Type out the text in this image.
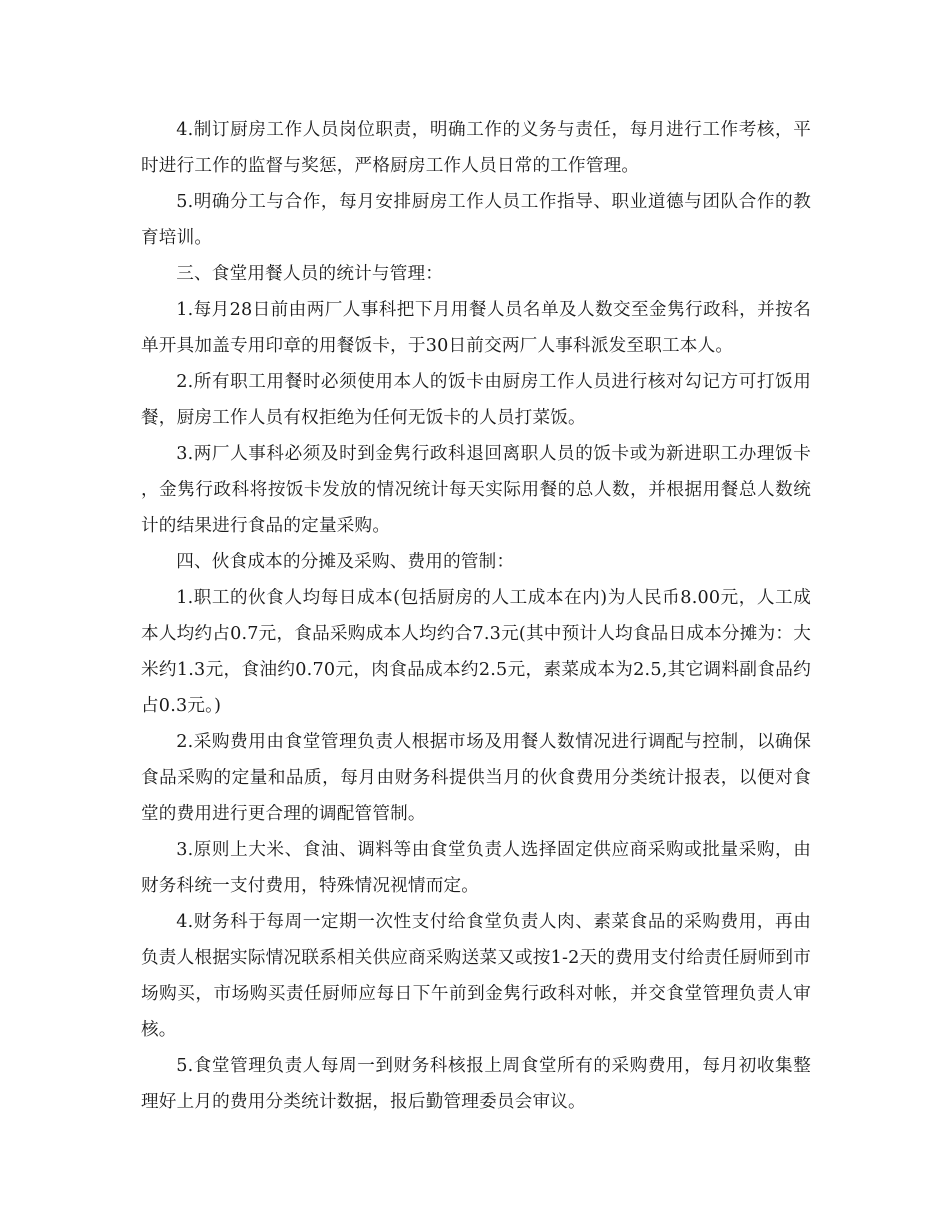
4.制订厨房工作人员岗位职责，明确工作的义务与责任，每月进行工作考核，平时进行工作的监督与奖惩，严格厨房工作人员日常的工作管理。

5.明确分工与合作，每月安排厨房工作人员工作指导、职业道德与团队合作的教育培训。

三、食堂用餐人员的统计与管理：

1.每月28日前由两厂人事科把下月用餐人员名单及人数交至金隽行政科，并按名单开具加盖专用印章的用餐饭卡，于30日前交两厂人事科派发至职工本人。

2.所有职工用餐时必须使用本人的饭卡由厨房工作人员进行核对勾记方可打饭用餐，厨房工作人员有权拒绝为任何无饭卡的人员打菜饭。

3.两厂人事科必须及时到金隽行政科退回离职人员的饭卡或为新进职工办理饭卡，金隽行政科将按饭卡发放的情况统计每天实际用餐的总人数，并根据用餐总人数统计的结果进行食品的定量采购。

四、伙食成本的分摊及采购、费用的管制：

1.职工的伙食人均每日成本(包括厨房的人工成本在内)为人民币8.00元，人工成本人均约占0.7元，食品采购成本人均约合7.3元(其中预计人均食品日成本分摊为：大米约1.3元，食油约0.70元，肉食品成本约2.5元，素菜成本为2.5,其它调料副食品约占0.3元。)

2.采购费用由食堂管理负责人根据市场及用餐人数情况进行调配与控制，以确保食品采购的定量和品质，每月由财务科提供当月的伙食费用分类统计报表，以便对食堂的费用进行更合理的调配管管制。

3.原则上大米、食油、调料等由食堂负责人选择固定供应商采购或批量采购，由财务科统一支付费用，特殊情况视情而定。

4.财务科于每周一定期一次性支付给食堂负责人肉、素菜食品的采购费用，再由负责人根据实际情况联系相关供应商采购送菜又或按1-2天的费用支付给责任厨师到市场购买，市场购买责任厨师应每日下午前到金隽行政科对帐，并交食堂管理负责人审核。

5.食堂管理负责人每周一到财务科核报上周食堂所有的采购费用，每月初收集整理好上月的费用分类统计数据，报后勤管理委员会审议。
